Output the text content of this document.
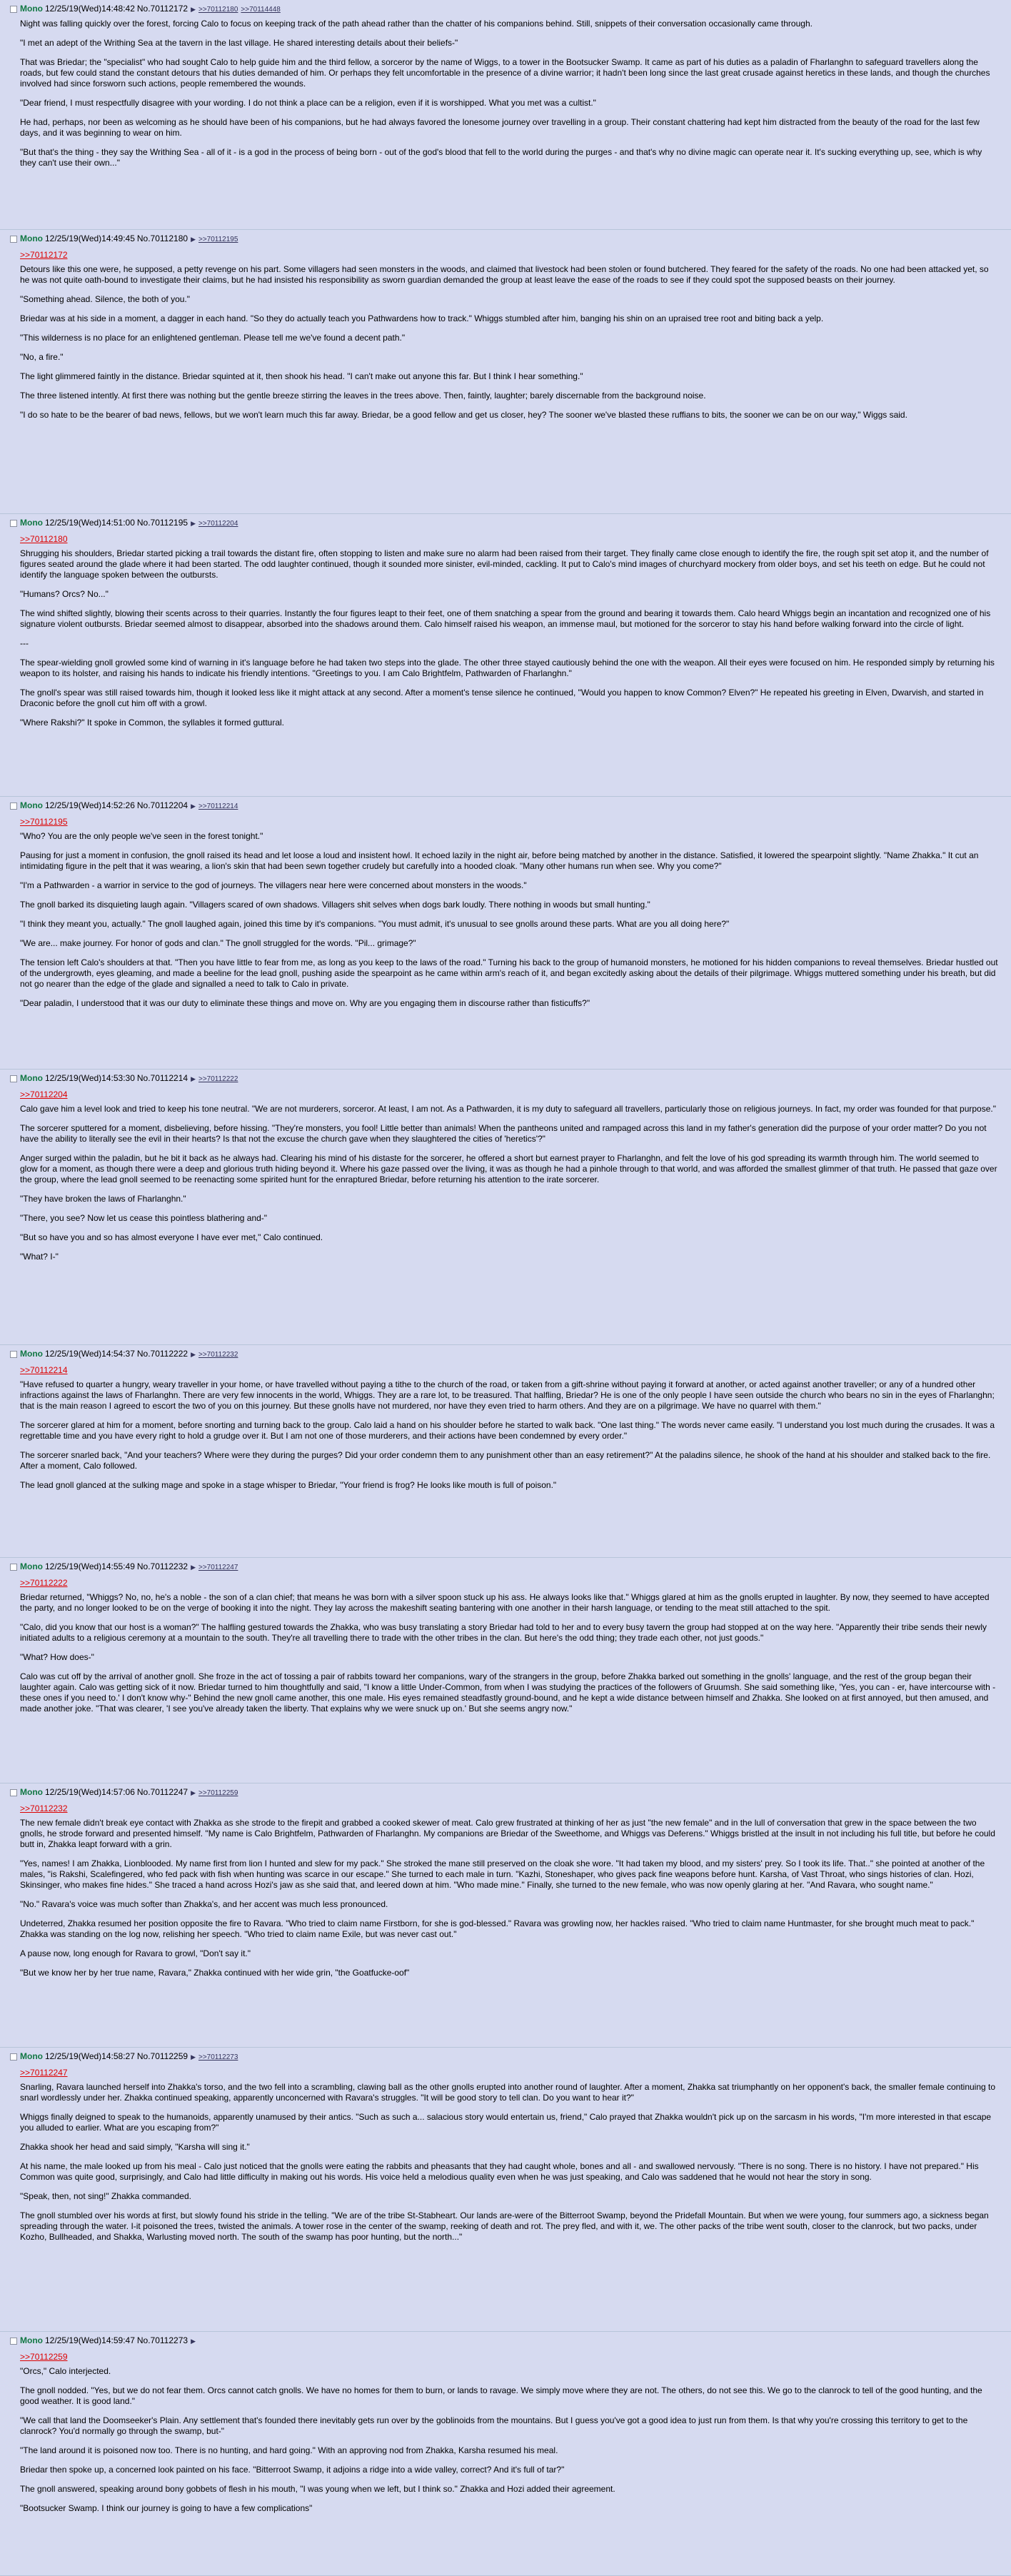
Mono 12/25/19(Wed)14:48:42 No.70112172 ▶ >>70112180 >>70114448

Night was falling quickly over the forest, forcing Calo to focus on keeping track of the path ahead rather than the chatter of his companions behind. Still, snippets of their conversation occasionally came through.

"I met an adept of the Writhing Sea at the tavern in the last village. He shared interesting details about their beliefs-"

That was Briedar; the "specialist" who had sought Calo to help guide him and the third fellow, a sorceror by the name of Wiggs, to a tower in the Bootsucker Swamp. It came as part of his duties as a paladin of Fharlanghn to safeguard travellers along the roads, but few could stand the constant detours that his duties demanded of him. Or perhaps they felt uncomfortable in the presence of a divine warrior; it hadn't been long since the last great crusade against heretics in these lands, and though the churches involved had since forsworn such actions, people remembered the wounds.

"Dear friend, I must respectfully disagree with your wording. I do not think a place can be a religion, even if it is worshipped. What you met was a cultist."

He had, perhaps, nor been as welcoming as he should have been of his companions, but he had always favored the lonesome journey over travelling in a group. Their constant chattering had kept him distracted from the beauty of the road for the last few days, and it was beginning to wear on him.

"But that's the thing - they say the Writhing Sea - all of it - is a god in the process of being born - out of the god's blood that fell to the world during the purges - and that's why no divine magic can operate near it. It's sucking everything up, see, which is why they can't use their own..."

Mono 12/25/19(Wed)14:49:45 No.70112180 ▶ >>70112195
>>70112172

Detours like this one were, he supposed, a petty revenge on his part. Some villagers had seen monsters in the woods, and claimed that livestock had been stolen or found butchered. They feared for the safety of the roads. No one had been attacked yet, so he was not quite oath-bound to investigate their claims, but he had insisted his responsibility as sworn guardian demanded the group at least leave the ease of the roads to see if they could spot the supposed beasts on their journey.

"Something ahead. Silence, the both of you."

Briedar was at his side in a moment, a dagger in each hand. "So they do actually teach you Pathwardens how to track." Whiggs stumbled after him, banging his shin on an upraised tree root and biting back a yelp.

"This wilderness is no place for an enlightened gentleman. Please tell me we've found a decent path."

"No, a fire."

The light glimmered faintly in the distance. Briedar squinted at it, then shook his head. "I can't make out anyone this far. But I think I hear something."

The three listened intently. At first there was nothing but the gentle breeze stirring the leaves in the trees above. Then, faintly, laughter; barely discernable from the background noise.

"I do so hate to be the bearer of bad news, fellows, but we won't learn much this far away. Briedar, be a good fellow and get us closer, hey? The sooner we've blasted these ruffians to bits, the sooner we can be on our way," Wiggs said.

Mono 12/25/19(Wed)14:51:00 No.70112195 ▶ >>70112204
>>70112180

Shrugging his shoulders, Briedar started picking a trail towards the distant fire, often stopping to listen and make sure no alarm had been raised from their target. They finally came close enough to identify the fire, the rough spit set atop it, and the number of figures seated around the glade where it had been started. The odd laughter continued, though it sounded more sinister, evil-minded, cackling. It put to Calo's mind images of churchyard mockery from older boys, and set his teeth on edge. But he could not identify the language spoken between the outbursts.

"Humans? Orcs? No..."

The wind shifted slightly, blowing their scents across to their quarries. Instantly the four figures leapt to their feet, one of them snatching a spear from the ground and bearing it towards them. Calo heard Whiggs begin an incantation and recognized one of his signature violent outbursts. Briedar seemed almost to disappear, absorbed into the shadows around them. Calo himself raised his weapon, an immense maul, but motioned for the sorceror to stay his hand before walking forward into the circle of light.

---

The spear-wielding gnoll growled some kind of warning in it's language before he had taken two steps into the glade. The other three stayed cautiously behind the one with the weapon. All their eyes were focused on him. He responded simply by returning his weapon to its holster, and raising his hands to indicate his friendly intentions. "Greetings to you. I am Calo Brightfelm, Pathwarden of Fharlanghn."

The gnoll's spear was still raised towards him, though it looked less like it might attack at any second. After a moment's tense silence he continued, "Would you happen to know Common? Elven?" He repeated his greeting in Elven, Dwarvish, and started in Draconic before the gnoll cut him off with a growl.

"Where Rakshi?" It spoke in Common, the syllables it formed guttural.

Mono 12/25/19(Wed)14:52:26 No.70112204 ▶ >>70112214
>>70112195

"Who? You are the only people we've seen in the forest tonight."

Pausing for just a moment in confusion, the gnoll raised its head and let loose a loud and insistent howl. It echoed lazily in the night air, before being matched by another in the distance. Satisfied, it lowered the spearpoint slightly. "Name Zhakka." It cut an intimidating figure in the pelt that it was wearing, a lion's skin that had been sewn together crudely but carefully into a hooded cloak. "Many other humans run when see. Why you come?"

"I'm a Pathwarden - a warrior in service to the god of journeys. The villagers near here were concerned about monsters in the woods."

The gnoll barked its disquieting laugh again. "Villagers scared of own shadows. Villagers shit selves when dogs bark loudly. There nothing in woods but small hunting."

"I think they meant you, actually." The gnoll laughed again, joined this time by it's companions. "You must admit, it's unusual to see gnolls around these parts. What are you all doing here?"

"We are... make journey. For honor of gods and clan." The gnoll struggled for the words. "Pil... grimage?"

The tension left Calo's shoulders at that. "Then you have little to fear from me, as long as you keep to the laws of the road." Turning his back to the group of humanoid monsters, he motioned for his hidden companions to reveal themselves. Briedar hustled out of the undergrowth, eyes gleaming, and made a beeline for the lead gnoll, pushing aside the spearpoint as he came within arm's reach of it, and began excitedly asking about the details of their pilgrimage. Whiggs muttered something under his breath, but did not go nearer than the edge of the glade and signalled a need to talk to Calo in private.

"Dear paladin, I understood that it was our duty to eliminate these things and move on. Why are you engaging them in discourse rather than fisticuffs?"

Mono 12/25/19(Wed)14:53:30 No.70112214 ▶ >>70112222
>>70112204

Calo gave him a level look and tried to keep his tone neutral. "We are not murderers, sorceror. At least, I am not. As a Pathwarden, it is my duty to safeguard all travellers, particularly those on religious journeys. In fact, my order was founded for that purpose."

The sorcerer sputtered for a moment, disbelieving, before hissing. "They're monsters, you fool! Little better than animals! When the pantheons united and rampaged across this land in my father's generation did the purpose of your order matter? Do you not have the ability to literally see the evil in their hearts? Is that not the excuse the church gave when they slaughtered the cities of 'heretics'?"

Anger surged within the paladin, but he bit it back as he always had. Clearing his mind of his distaste for the sorcerer, he offered a short but earnest prayer to Fharlanghn, and felt the love of his god spreading its warmth through him. The world seemed to glow for a moment, as though there were a deep and glorious truth hiding beyond it. Where his gaze passed over the living, it was as though he had a pinhole through to that world, and was afforded the smallest glimmer of that truth. He passed that gaze over the group, where the lead gnoll seemed to be reenacting some spirited hunt for the enraptured Briedar, before returning his attention to the irate sorcerer.

"They have broken the laws of Fharlanghn."

"There, you see? Now let us cease this pointless blathering and-"

"But so have you and so has almost everyone I have ever met," Calo continued.

"What? I-"

Mono 12/25/19(Wed)14:54:37 No.70112222 ▶ >>70112232
>>70112214

"Have refused to quarter a hungry, weary traveller in your home, or have travelled without paying a tithe to the church of the road, or taken from a gift-shrine without paying it forward at another, or acted against another traveller; or any of a hundred other infractions against the laws of Fharlanghn. There are very few innocents in the world, Whiggs. They are a rare lot, to be treasured. That halfling, Briedar? He is one of the only people I have seen outside the church who bears no sin in the eyes of Fharlanghn; that is the main reason I agreed to escort the two of you on this journey. But these gnolls have not murdered, nor have they even tried to harm others. And they are on a pilgrimage. We have no quarrel with them."

The sorcerer glared at him for a moment, before snorting and turning back to the group. Calo laid a hand on his shoulder before he started to walk back. "One last thing." The words never came easily. "I understand you lost much during the crusades. It was a regrettable time and you have every right to hold a grudge over it. But I am not one of those murderers, and their actions have been condemned by every order."

The sorcerer snarled back, "And your teachers? Where were they during the purges? Did your order condemn them to any punishment other than an easy retirement?" At the paladins silence, he shook of the hand at his shoulder and stalked back to the fire. After a moment, Calo followed.

The lead gnoll glanced at the sulking mage and spoke in a stage whisper to Briedar, "Your friend is frog? He looks like mouth is full of poison."

Mono 12/25/19(Wed)14:55:49 No.70112232 ▶ >>70112247
>>70112222

Briedar returned, "Whiggs? No, no, he's a noble - the son of a clan chief; that means he was born with a silver spoon stuck up his ass. He always looks like that." Whiggs glared at him as the gnolls erupted in laughter. By now, they seemed to have accepted the party, and no longer looked to be on the verge of booking it into the night. They lay across the makeshift seating bantering with one another in their harsh language, or tending to the meat still attached to the spit.

"Calo, did you know that our host is a woman?" The halfling gestured towards the Zhakka, who was busy translating a story Briedar had told to her and to every busy tavern the group had stopped at on the way here. "Apparently their tribe sends their newly initiated adults to a religious ceremony at a mountain to the south. They're all travelling there to trade with the other tribes in the clan. But here's the odd thing; they trade each other, not just goods."

"What? How does-"

Calo was cut off by the arrival of another gnoll. She froze in the act of tossing a pair of rabbits toward her companions, wary of the strangers in the group, before Zhakka barked out something in the gnolls' language, and the rest of the group began their laughter again. Calo was getting sick of it now. Briedar turned to him thoughtfully and said, "I know a little Under-Common, from when I was studying the practices of the followers of Gruumsh. She said something like, 'Yes, you can - er, have intercourse with - these ones if you need to.' I don't know why-" Behind the new gnoll came another, this one male. His eyes remained steadfastly ground-bound, and he kept a wide distance between himself and Zhakka. She looked on at first annoyed, but then amused, and made another joke. "That was clearer, 'I see you've already taken the liberty. That explains why we were snuck up on.' But she seems angry now."

Mono 12/25/19(Wed)14:57:06 No.70112247 ▶ >>70112259
>>70112232

The new female didn't break eye contact with Zhakka as she strode to the firepit and grabbed a cooked skewer of meat. Calo grew frustrated at thinking of her as just "the new female" and in the lull of conversation that grew in the space between the two gnolls, he strode forward and presented himself. "My name is Calo Brightfelm, Pathwarden of Fharlanghn. My companions are Briedar of the Sweethome, and Whiggs vas Deferens." Whiggs bristled at the insult in not including his full title, but before he could butt in, Zhakka leapt forward with a grin.

"Yes, names! I am Zhakka, Lionblooded. My name first from lion I hunted and slew for my pack." She stroked the mane still preserved on the cloak she wore. "It had taken my blood, and my sisters' prey. So I took its life. That.." she pointed at another of the males, "is Rakshi, Scalefingered, who fed pack with fish when hunting was scarce in our escape." She turned to each male in turn. "Kazhi, Stoneshaper, who gives pack fine weapons before hunt. Karsha, of Vast Throat, who sings histories of clan. Hozi, Skinsinger, who makes fine hides." She traced a hand across Hozi's jaw as she said that, and leered down at him. "Who made mine." Finally, she turned to the new female, who was now openly glaring at her. "And Ravara, who sought name."

"No." Ravara's voice was much softer than Zhakka's, and her accent was much less pronounced.

Undeterred, Zhakka resumed her position opposite the fire to Ravara. "Who tried to claim name Firstborn, for she is god-blessed." Ravara was growling now, her hackles raised. "Who tried to claim name Huntmaster, for she brought much meat to pack." Zhakka was standing on the log now, relishing her speech. "Who tried to claim name Exile, but was never cast out."

A pause now, long enough for Ravara to growl, "Don't say it."

"But we know her by her true name, Ravara," Zhakka continued with her wide grin, "the Goatfucke-oof"

Mono 12/25/19(Wed)14:58:27 No.70112259 ▶ >>70112273
>>70112247

Snarling, Ravara launched herself into Zhakka's torso, and the two fell into a scrambling, clawing ball as the other gnolls erupted into another round of laughter. After a moment, Zhakka sat triumphantly on her opponent's back, the smaller female continuing to snarl wordlessly under her. Zhakka continued speaking, apparently unconcerned with Ravara's struggles. "It will be good story to tell clan. Do you want to hear it?"

Whiggs finally deigned to speak to the humanoids, apparently unamused by their antics. "Such as such a... salacious story would entertain us, friend," Calo prayed that Zhakka wouldn't pick up on the sarcasm in his words, "I'm more interested in that escape you alluded to earlier. What are you escaping from?"

Zhakka shook her head and said simply, "Karsha will sing it."

At his name, the male looked up from his meal - Calo just noticed that the gnolls were eating the rabbits and pheasants that they had caught whole, bones and all - and swallowed nervously. "There is no song. There is no history. I have not prepared." His Common was quite good, surprisingly, and Calo had little difficulty in making out his words. His voice held a melodious quality even when he was just speaking, and Calo was saddened that he would not hear the story in song.

"Speak, then, not sing!" Zhakka commanded.

The gnoll stumbled over his words at first, but slowly found his stride in the telling. "We are of the tribe St-Stabheart. Our lands are-were of the Bitterroot Swamp, beyond the Pridefall Mountain. But when we were young, four summers ago, a sickness began spreading through the water. I-it poisoned the trees, twisted the animals. A tower rose in the center of the swamp, reeking of death and rot. The prey fled, and with it, we. The other packs of the tribe went south, closer to the clanrock, but two packs, under Kozho, Bullheaded, and Shakka, Warlusting moved north. The south of the swamp has poor hunting, but the north..."

Mono 12/25/19(Wed)14:59:47 No.70112273 ▶
>>70112259

"Orcs," Calo interjected.

The gnoll nodded. "Yes, but we do not fear them. Orcs cannot catch gnolls. We have no homes for them to burn, or lands to ravage. We simply move where they are not. The others, do not see this. We go to the clanrock to tell of the good hunting, and the good weather. It is good land."

"We call that land the Doomseeker's Plain. Any settlement that's founded there inevitably gets run over by the goblinoids from the mountains. But I guess you've got a good idea to just run from them. Is that why you're crossing this territory to get to the clanrock? You'd normally go through the swamp, but-"

"The land around it is poisoned now too. There is no hunting, and hard going." With an approving nod from Zhakka, Karsha resumed his meal.

Briedar then spoke up, a concerned look painted on his face. "Bitterroot Swamp, it adjoins a ridge into a wide valley, correct? And it's full of tar?"

The gnoll answered, speaking around bony gobbets of flesh in his mouth, "I was young when we left, but I think so." Zhakka and Hozi added their agreement.

"Bootsucker Swamp. I think our journey is going to have a few complications"
